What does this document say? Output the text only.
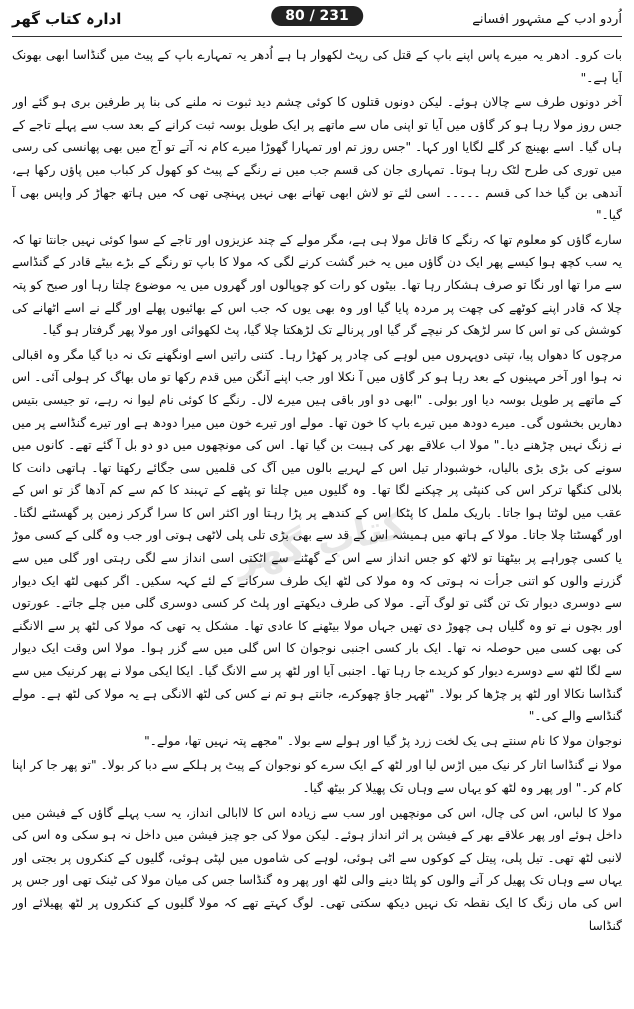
ادارہ کتاب گھر	80 / 231	اُردو ادب کے مشہور افسانے
کتاب گھر

بات کرو۔ ادھر یہ میرے پاس اپنے باپ کے قتل کی رپٹ لکھوار ہا ہے اُدھر یہ تمہارے باپ کے پیٹ میں گنڈاسا ابھی بھونک آیا ہے۔"

آخر دونوں طرف سے چالان ہوئے۔ لیکن دونوں قتلوں کا کوئی چشم دید ثبوت نہ ملنے کی بنا پر طرفین بری ہو گئے اور جس روز مولا رہا ہو کر گاؤں میں آیا تو اپنی ماں سے ماتھے پر ایک طویل بوسہ ثبت کرانے کے بعد سب سے پہلے تاجے کے ہاں گیا۔ اسے بھینچ کر گلے لگایا اور کہا۔ "جس روز تم اور تمہارا گھوڑا میرے کام نہ آتے تو آج میں بھی پھانسی کی رسی میں توری کی طرح لٹک رہا ہوتا۔ تمہاری جان کی قسم جب میں نے رنگے کے پیٹ کو کھول کر کباب میں پاؤں رکھا ہے، آندھی بن گیا خدا کی قسم ۔۔۔۔۔ اسی لئے تو لاش ابھی تھانے بھی نہیں پہنچی تھی کہ میں ہاتھ جھاڑ کر واپس بھی آ گیا۔"

سارے گاؤں کو معلوم تھا کہ رنگے کا قاتل مولا ہی ہے، مگر مولے کے چند عزیزوں اور تاجے کے سوا کوئی نہیں جانتا تھا کہ یہ سب کچھ ہوا کیسے پھر ایک دن گاؤں میں یہ خبر گشت کرنے لگی کہ مولا کا باپ تو رنگے کے بڑے بیٹے قادر کے گنڈاسے سے مرا تھا اور نگا تو صرف ہشکار رہا تھا۔ بیٹوں کو رات کو چوپالوں اور گھروں میں یہ موضوع چلتا رہا اور صبح کو پتہ چلا کہ قادر اپنے کوٹھے کی چھت پر مردہ پایا گیا اور وہ بھی یوں کہ جب اس کے بھائیوں پھلے اور گلے نے اسے اٹھانے کی کوشش کی تو اس کا سر لڑھک کر نیچے گر گیا اور پرنالے تک لڑھکتا چلا گیا، پٹ لکھوائی اور مولا پھر گرفتار ہو گیا۔

مرچوں کا دھواں پیا، تپتی دوپہروں میں لوہے کی چادر پر کھڑا رہا۔ کتنی راتیں اسے اونگھنے تک نہ دیا گیا مگر وہ اقبالی نہ ہوا اور آخر مہینوں کے بعد رہا ہو کر گاؤں میں آ نکلا اور جب اپنے آنگن میں قدم رکھا تو ماں بھاگ کر ہولی آئی۔ اس کے ماتھے پر طویل بوسہ دیا اور بولی۔ "ابھی دو اور باقی ہیں میرے لال۔ رنگے کا کوئی نام لیوا نہ رہے، تو جیسی بتیس دھاریں بخشوں گی۔ میرے دودھ میں تیرے باپ کا خون تھا۔ مولے اور تیرے خون میں میرا دودھ ہے اور تیرے گنڈاسے پر میں نے زنگ نہیں چڑھنے دیا۔" مولا اب علاقے بھر کی ہیبت بن گیا تھا۔ اس کی مونچھوں میں دو دو بل آ گئے تھے۔ کانوں میں سونے کی بڑی بڑی بالیاں، خوشبودار تیل اس کے لہریے بالوں میں آگ کی قلمیں سی جگائے رکھتا تھا۔ ہاتھی دانت کا بلالی کنگھا ترکر اس کی کنپٹی پر چپکنے لگا تھا۔ وہ گلیوں میں چلتا تو پٹھے کے تہبند کا کم سے کم آدھا گز تو اس کے عقب میں لوٹتا ہوا جاتا۔ باریک ململ کا پٹکا اس کے کندھے پر پڑا رہتا اور اکثر اس کا سرا گرکر زمین پر گھسٹنے لگتا۔ اور گھسٹتا چلا جاتا۔ مولا کے ہاتھ میں ہمیشہ اس کے قد سے بھی بڑی تلی پلی لاٹھی ہوتی اور جب وہ گلی کے کسی موڑ یا کسی چوراہے پر بیٹھتا تو لاٹھ کو جس انداز سے اس کے گھٹنے سے اٹکتی اسی انداز سے لگی رہتی اور گلی میں سے گزرنے والوں کو اتنی جرأت نہ ہوتی کہ وہ مولا کی لٹھ ایک طرف سرکانے کے لئے کہہ سکیں۔ اگر کبھی لٹھ ایک دیوار سے دوسری دیوار تک تن گئی تو لوگ آتے۔ مولا کی طرف دیکھتے اور پلٹ کر کسی دوسری گلی میں چلے جاتے۔ عورتوں اور بچوں نے تو وہ گلیاں ہی چھوڑ دی تھیں جہاں مولا بیٹھنے کا عادی تھا۔ مشکل یہ تھی کہ مولا کی لٹھ پر سے الانگنے کی بھی کسی میں حوصلہ نہ تھا۔ ایک بار کسی اجنبی نوجوان کا اس گلی میں سے گزر ہوا۔ مولا اس وقت ایک دیوار سے لگا لٹھ سے دوسرے دیوار کو کریدے جا رہا تھا۔ اجنبی آیا اور لٹھ پر سے الانگ گیا۔ ایکا ایکی مولا نے پھر کرنیک میں سے گنڈاسا نکالا اور لٹھ پر چڑھا کر بولا۔ "ٹھہر جاؤ چھوکرے، جانتے ہو تم نے کس کی لٹھ الانگی ہے یہ مولا کی لٹھ ہے۔ مولے گنڈاسے والے کی۔"

نوجوان مولا کا نام سنتے ہی یک لخت زرد پڑ گیا اور ہولے سے بولا۔ "مجھے پتہ نہیں تھا، مولے۔"

مولا نے گنڈاسا اتار کر نیک میں اڑس لیا اور لٹھ کے ایک سرے کو نوجوان کے پیٹ پر ہلکے سے دبا کر بولا۔ "تو پھر جا کر اپنا کام کر۔" اور پھر وہ لٹھ کو یہاں سے وہاں تک پھیلا کر بیٹھ گیا۔

مولا کا لباس، اس کی چال، اس کی مونچھیں اور سب سے زیادہ اس کا لاابالی انداز، یہ سب پہلے گاؤں کے فیشن میں داخل ہوئے اور پھر علاقے بھر کے فیشن پر اثر انداز ہوئے۔ لیکن مولا کی جو چیز فیشن میں داخل نہ ہو سکی وہ اس کی لانبی لٹھ تھی۔ تیل پلی، پیتل کے کوکوں سے اٹی ہوئی، لوہے کی شاموں میں لپٹی ہوئی، گلیوں کے کنکروں پر بجتی اور یہاں سے وہاں تک پھیل کر آنے والوں کو پلٹا دینے والی لٹھ اور پھر وہ گنڈاسا جس کی میان مولا کی ٹینک تھی اور جس پر اس کی ماں زنگ کا ایک نقطہ تک نہیں دیکھ سکتی تھی۔ لوگ کہتے تھے کہ مولا گلیوں کے کنکروں پر لٹھ پھیلائے اور گنڈاسا
